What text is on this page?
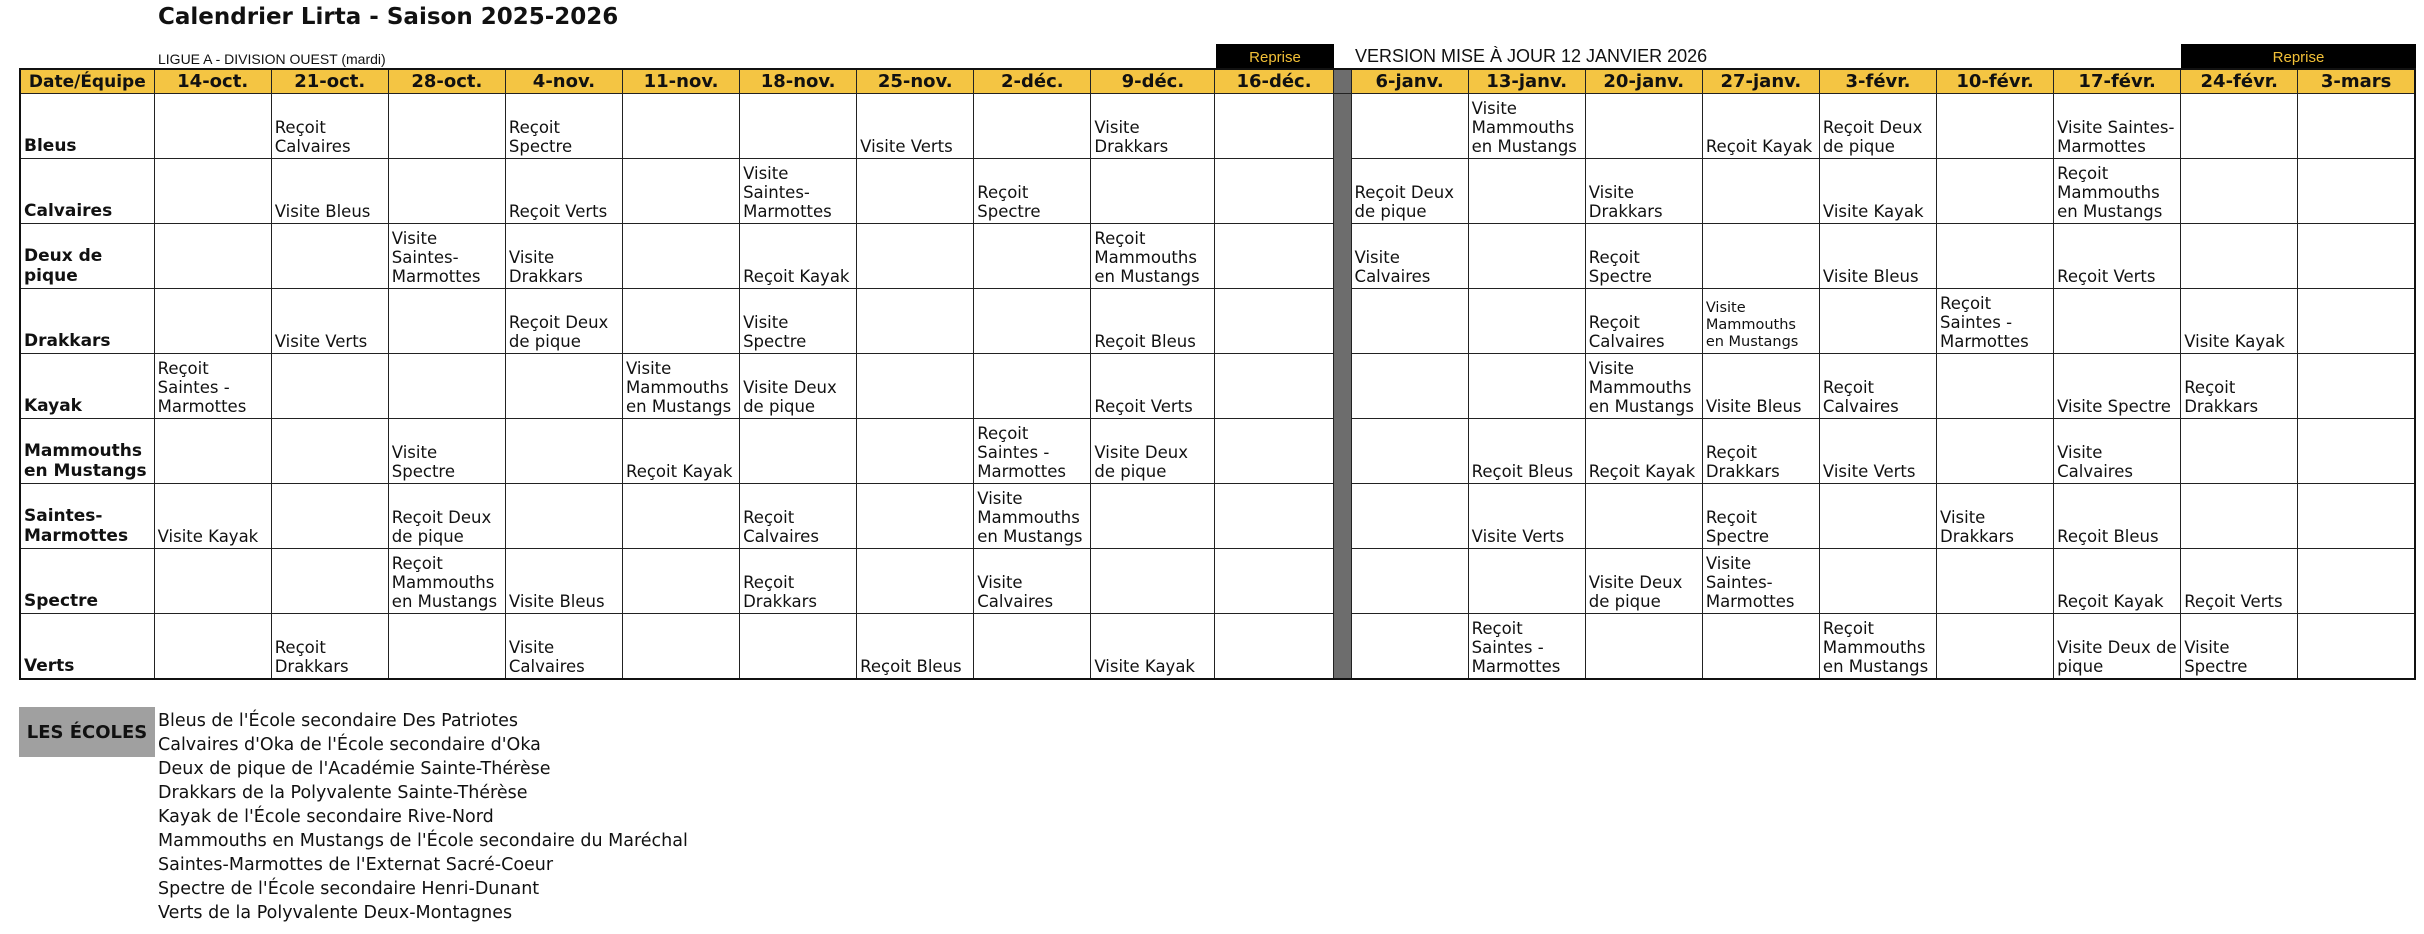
Calendrier Lirta - Saison 2025-2026
LIGUE A - DIVISION OUEST (mardi)	VERSION MISE À JOUR 12 JANVIER 2026
Reprise	Reprise
Date/Équipe	14-oct.	21-oct.	28-oct.	4-nov.	11-nov.	18-nov.	25-nov.	2-déc.	9-déc.	16-déc.		6-janv.	13-janv.	20-janv.	27-janv.	3-févr.	10-févr.	17-févr.	24-févr.	3-mars
Bleus		Reçoit Calvaires		Reçoit Spectre			Visite Verts		Visite Drakkars				Visite Mammouths en Mustangs		Reçoit Kayak	Reçoit Deux de pique		Visite Saintes-Marmottes		
Calvaires		Visite Bleus		Reçoit Verts		Visite Saintes-Marmottes		Reçoit Spectre				Reçoit Deux de pique		Visite Drakkars		Visite Kayak		Reçoit Mammouths en Mustangs		
Deux de pique			Visite Saintes-Marmottes	Visite Drakkars		Reçoit Kayak			Reçoit Mammouths en Mustangs			Visite Calvaires		Reçoit Spectre		Visite Bleus		Reçoit Verts		
Drakkars		Visite Verts		Reçoit Deux de pique		Visite Spectre			Reçoit Bleus					Reçoit Calvaires	Visite Mammouths en Mustangs		Reçoit Saintes - Marmottes		Visite Kayak	
Kayak	Reçoit Saintes - Marmottes				Visite Mammouths en Mustangs	Visite Deux de pique			Reçoit Verts					Visite Mammouths en Mustangs	Visite Bleus	Reçoit Calvaires		Visite Spectre	Reçoit Drakkars	
Mammouths en Mustangs			Visite Spectre		Reçoit Kayak			Reçoit Saintes - Marmottes	Visite Deux de pique				Reçoit Bleus	Reçoit Kayak	Reçoit Drakkars	Visite Verts		Visite Calvaires		
Saintes-Marmottes	Visite Kayak		Reçoit Deux de pique			Reçoit Calvaires		Visite Mammouths en Mustangs					Visite Verts		Reçoit Spectre		Visite Drakkars	Reçoit Bleus		
Spectre			Reçoit Mammouths en Mustangs	Visite Bleus		Reçoit Drakkars		Visite Calvaires						Visite Deux de pique	Visite Saintes-Marmottes			Reçoit Kayak	Reçoit Verts	
Verts		Reçoit Drakkars		Visite Calvaires			Reçoit Bleus		Visite Kayak				Reçoit Saintes - Marmottes			Reçoit Mammouths en Mustangs		Visite Deux de pique	Visite Spectre	
LES ÉCOLES
Bleus de l'École secondaire Des Patriotes
Calvaires d'Oka de l'École secondaire d'Oka
Deux de pique de l'Académie Sainte-Thérèse
Drakkars de la Polyvalente Sainte-Thérèse
Kayak de l'École secondaire Rive-Nord
Mammouths en Mustangs de l'École secondaire du Maréchal
Saintes-Marmottes de l'Externat Sacré-Coeur
Spectre de l'École secondaire Henri-Dunant
Verts de la Polyvalente Deux-Montagnes
